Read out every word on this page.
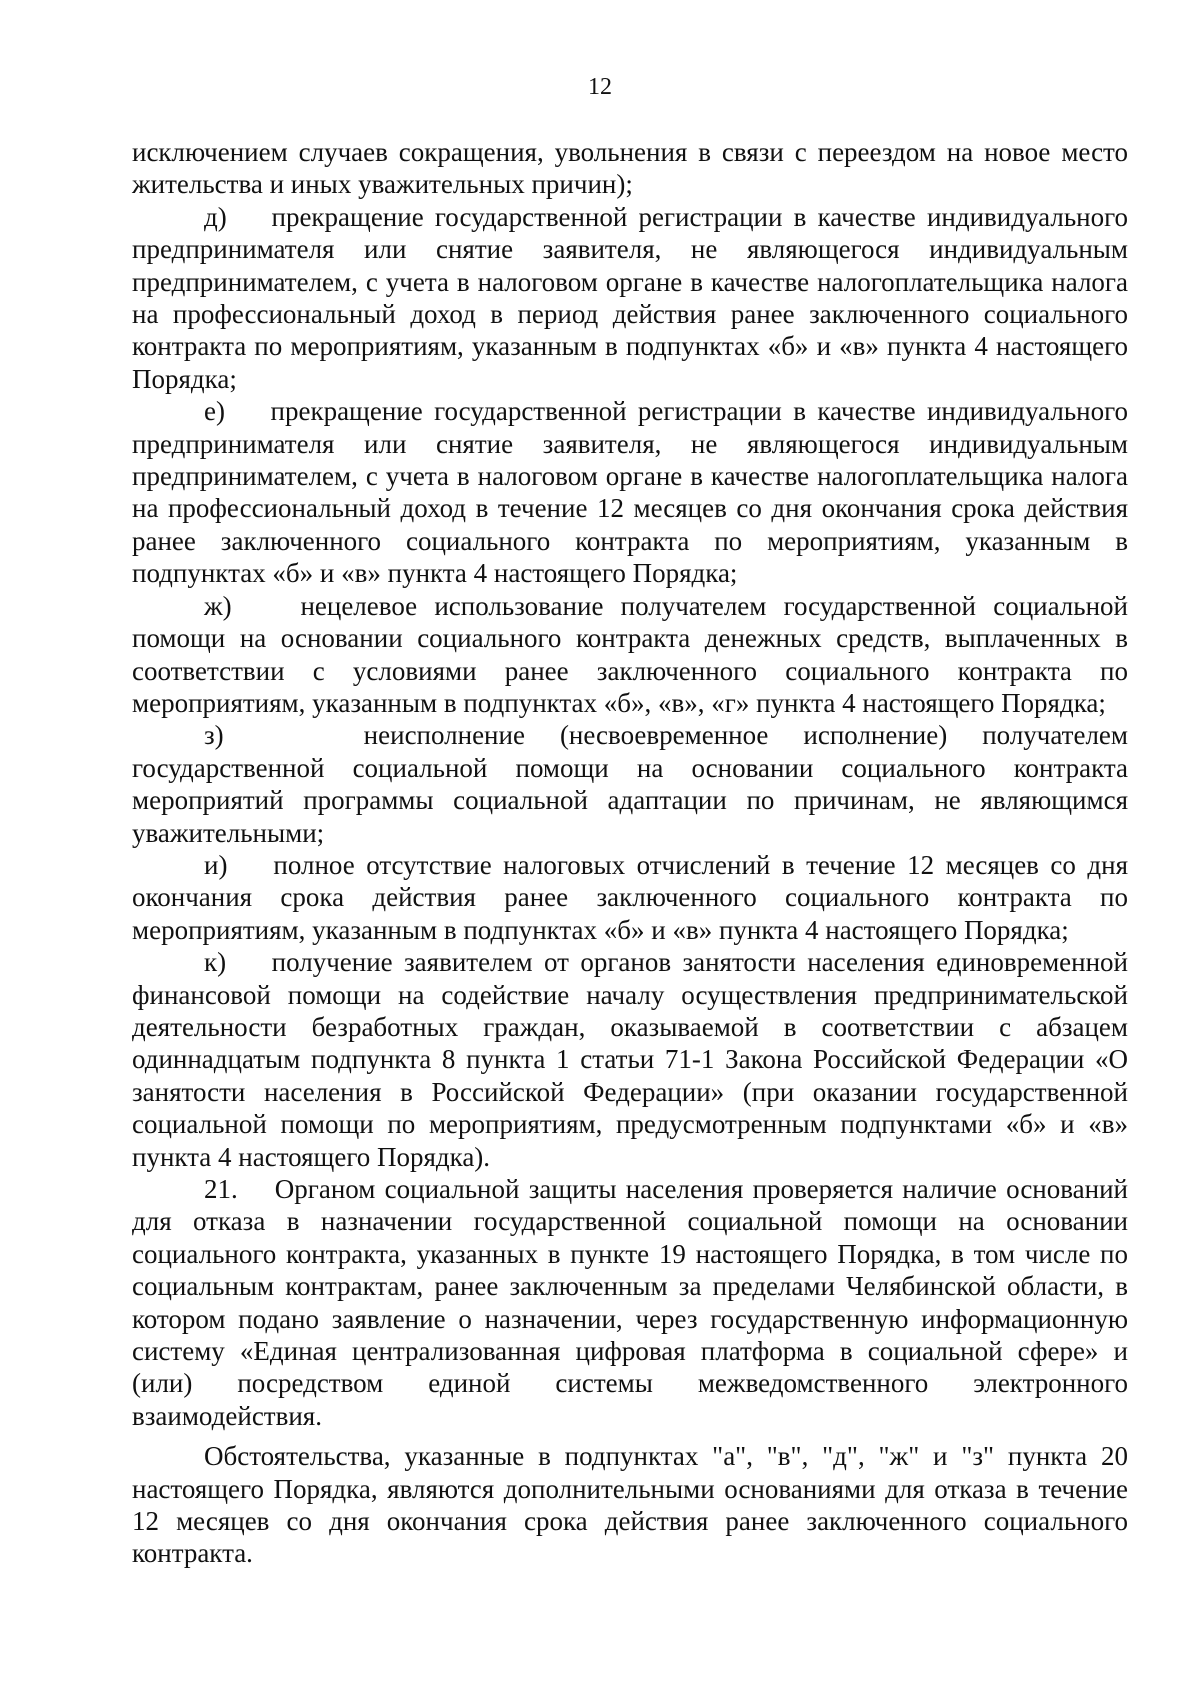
12

исключением случаев сокращения, увольнения в связи с переездом на новое место жительства и иных уважительных причин);

д)    прекращение государственной регистрации в качестве индивидуального предпринимателя или снятие заявителя, не являющегося индивидуальным предпринимателем, с учета в налоговом органе в качестве налогоплательщика налога на профессиональный доход в период действия ранее заключенного социального контракта по мероприятиям, указанным в подпунктах «б» и «в» пункта 4 настоящего Порядка;

е)    прекращение государственной регистрации в качестве индивидуального предпринимателя или снятие заявителя, не являющегося индивидуальным предпринимателем, с учета в налоговом органе в качестве налогоплательщика налога на профессиональный доход в течение 12 месяцев со дня окончания срока действия ранее заключенного социального контракта по мероприятиям, указанным в подпунктах «б» и «в» пункта 4 настоящего Порядка;

ж)    нецелевое использование получателем государственной социальной помощи на основании социального контракта денежных средств, выплаченных в соответствии с условиями ранее заключенного социального контракта по мероприятиям, указанным в подпунктах «б», «в», «г» пункта 4 настоящего Порядка;

з)    неисполнение (несвоевременное исполнение) получателем государственной социальной помощи на основании социального контракта мероприятий программы социальной адаптации по причинам, не являющимся уважительными;

и)    полное отсутствие налоговых отчислений в течение 12 месяцев со дня окончания срока действия ранее заключенного социального контракта по мероприятиям, указанным в подпунктах «б» и «в» пункта 4 настоящего Порядка;

к)    получение заявителем от органов занятости населения единовременной финансовой помощи на содействие началу осуществления предпринимательской деятельности безработных граждан, оказываемой в соответствии с абзацем одиннадцатым подпункта 8 пункта 1 статьи 71-1 Закона Российской Федерации «О занятости населения в Российской Федерации» (при оказании государственной социальной помощи по мероприятиям, предусмотренным подпунктами «б» и «в» пункта 4 настоящего Порядка).

21.    Органом социальной защиты населения проверяется наличие оснований для отказа в назначении государственной социальной помощи на основании социального контракта, указанных в пункте 19 настоящего Порядка, в том числе по социальным контрактам, ранее заключенным за пределами Челябинской области, в котором подано заявление о назначении, через государственную информационную систему «Единая централизованная цифровая платформа в социальной сфере» и (или) посредством единой системы межведомственного электронного взаимодействия.

Обстоятельства, указанные в подпунктах "а", "в", "д", "ж" и "з" пункта 20 настоящего Порядка, являются дополнительными основаниями для отказа в течение 12 месяцев со дня окончания срока действия ранее заключенного социального контракта.
